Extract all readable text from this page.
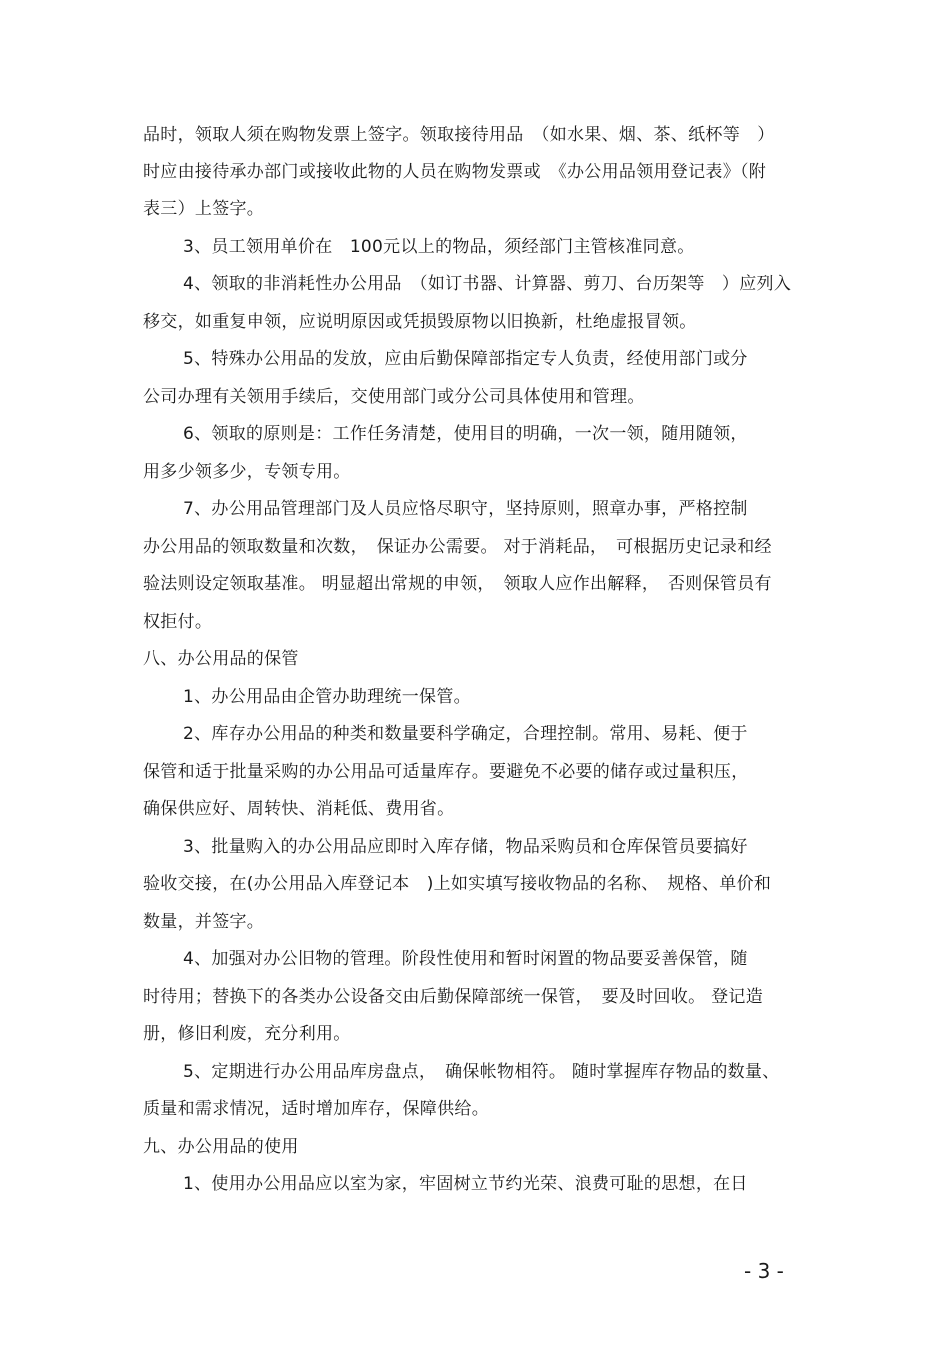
品时，领取人须在购物发票上签字。领取接待用品　（如水果、烟、茶、纸杯等　）
时应由接待承办部门或接收此物的人员在购物发票或　《办公用品领用登记表》（附
表三）上签字。
3、员工领用单价在　100元以上的物品，须经部门主管核准同意。
4、领取的非消耗性办公用品　（如订书器、计算器、剪刀、台历架等　）应列入
移交，如重复申领，应说明原因或凭损毁原物以旧换新，杜绝虚报冒领。
5、特殊办公用品的发放，应由后勤保障部指定专人负责，经使用部门或分
公司办理有关领用手续后，交使用部门或分公司具体使用和管理。
6、领取的原则是：工作任务清楚，使用目的明确，一次一领，随用随领，
用多少领多少，专领专用。
7、办公用品管理部门及人员应恪尽职守，坚持原则，照章办事，严格控制
办公用品的领取数量和次数，　保证办公需要。 对于消耗品，　可根据历史记录和经
验法则设定领取基准。 明显超出常规的申领，　领取人应作出解释，　否则保管员有
权拒付。
八、办公用品的保管
1、办公用品由企管办助理统一保管。
2、库存办公用品的种类和数量要科学确定，合理控制。常用、易耗、便于
保管和适于批量采购的办公用品可适量库存。要避免不必要的储存或过量积压，
确保供应好、周转快、消耗低、费用省。
3、批量购入的办公用品应即时入库存储，物品采购员和仓库保管员要搞好
验收交接，在(办公用品入库登记本　)上如实填写接收物品的名称、　规格、单价和
数量，并签字。
4、加强对办公旧物的管理。阶段性使用和暂时闲置的物品要妥善保管，随
时待用；替换下的各类办公设备交由后勤保障部统一保管，　要及时回收。 登记造
册，修旧利废，充分利用。
5、定期进行办公用品库房盘点，　确保帐物相符。 随时掌握库存物品的数量、
质量和需求情况，适时增加库存，保障供给。
九、办公用品的使用
1、使用办公用品应以室为家，牢固树立节约光荣、浪费可耻的思想，在日
- 3 -
